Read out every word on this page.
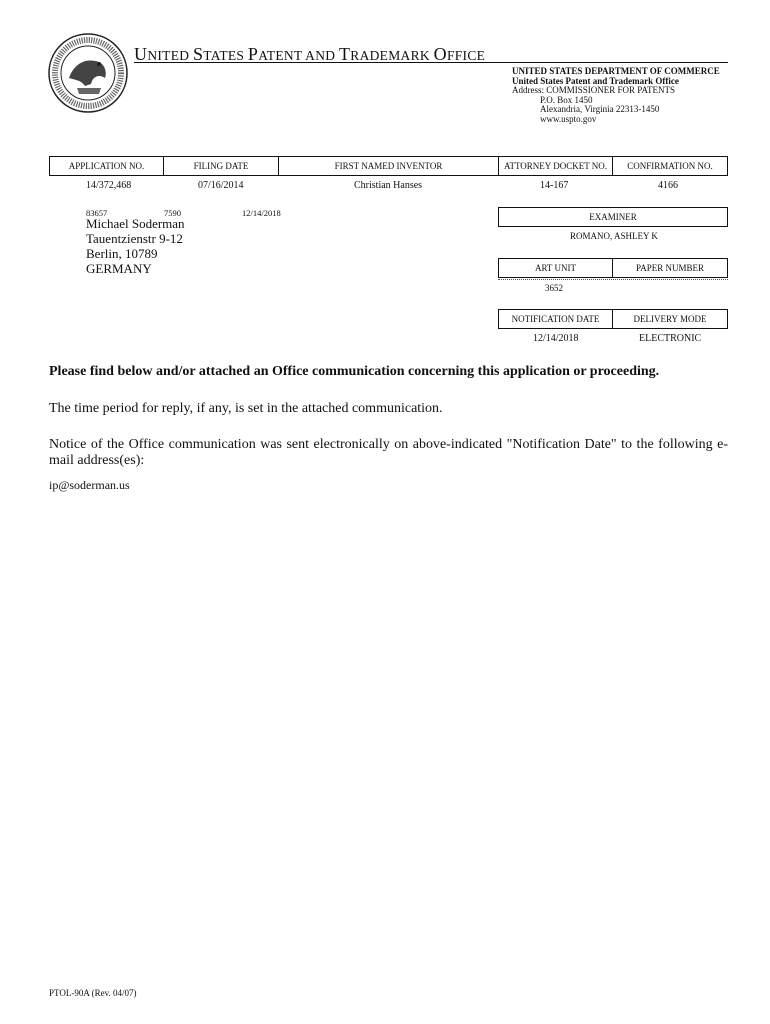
UNITED STATES PATENT AND TRADEMARK OFFICE
UNITED STATES DEPARTMENT OF COMMERCE
United States Patent and Trademark Office
Address: COMMISSIONER FOR PATENTS
P.O. Box 1450
Alexandria, Virginia 22313-1450
www.uspto.gov
APPLICATION NO.	FILING DATE	FIRST NAMED INVENTOR	ATTORNEY DOCKET NO.	CONFIRMATION NO.
14/372,468	07/16/2014	Christian Hanses	14-167	4166
83657	7590	12/14/2018
Michael Soderman
Tauentzienstr 9-12
Berlin, 10789
GERMANY
EXAMINER
ROMANO, ASHLEY K
ART UNIT	PAPER NUMBER
3652
NOTIFICATION DATE	DELIVERY MODE
12/14/2018	ELECTRONIC
Please find below and/or attached an Office communication concerning this application or proceeding.
The time period for reply, if any, is set in the attached communication.
Notice of the Office communication was sent electronically on above-indicated "Notification Date" to the following e-mail address(es):
ip@soderman.us
PTOL-90A (Rev. 04/07)
